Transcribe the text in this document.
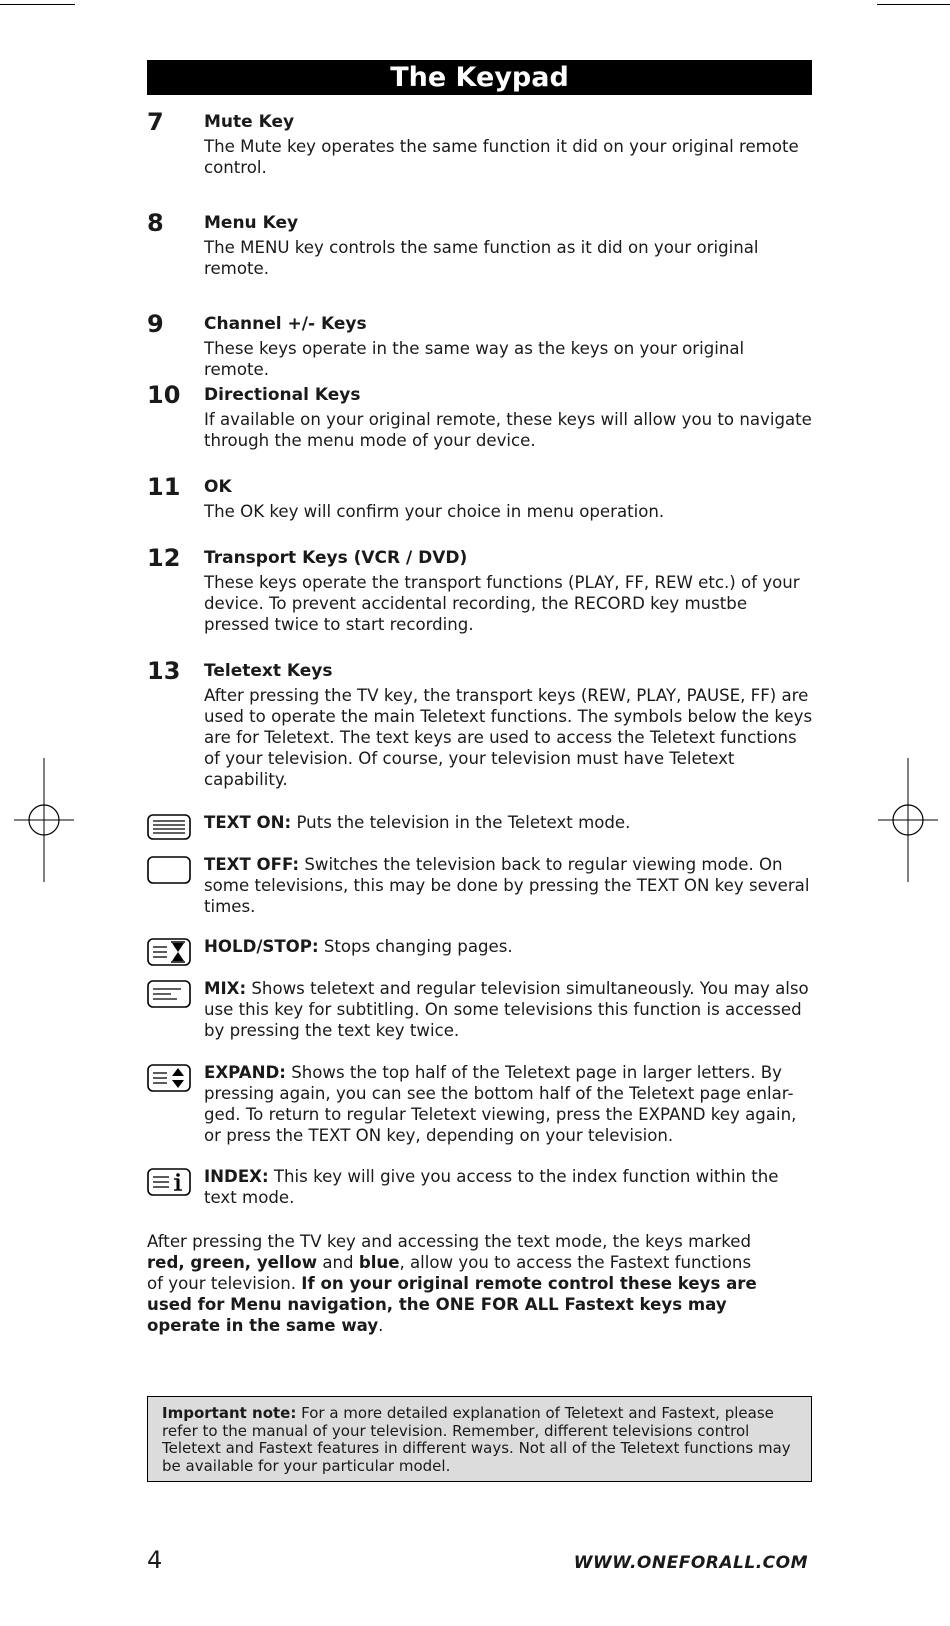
The Keypad
7 Mute Key
The Mute key operates the same function it did on your original remote control.
8 Menu Key
The MENU key controls the same function as it did on your original remote.
9 Channel +/- Keys
These keys operate in the same way as the keys on your original remote.
10 Directional Keys
If available on your original remote, these keys will allow you to navigate through the menu mode of your device.
11 OK
The OK key will confirm your choice in menu operation.
12 Transport Keys (VCR / DVD)
These keys operate the transport functions (PLAY, FF, REW etc.) of your device. To prevent accidental recording, the RECORD key mustbe pressed twice to start recording.
13 Teletext Keys
After pressing the TV key, the transport keys (REW, PLAY, PAUSE, FF) are used to operate the main Teletext functions. The symbols below the keys are for Teletext. The text keys are used to access the Teletext functions of your television. Of course, your television must have Teletext capability.
TEXT ON: Puts the television in the Teletext mode.
TEXT OFF: Switches the television back to regular viewing mode. On some televisions, this may be done by pressing the TEXT ON key several times.
HOLD/STOP: Stops changing pages.
MIX: Shows teletext and regular television simultaneously. You may also use this key for subtitling. On some televisions this function is accessed by pressing the text key twice.
EXPAND: Shows the top half of the Teletext page in larger letters. By pressing again, you can see the bottom half of the Teletext page enlar-ged. To return to regular Teletext viewing, press the EXPAND key again, or press the TEXT ON key, depending on your television.
INDEX: This key will give you access to the index function within the text mode.
After pressing the TV key and accessing the text mode, the keys marked red, green, yellow and blue, allow you to access the Fastext functions of your television. If on your original remote control these keys are used for Menu navigation, the ONE FOR ALL Fastext keys may operate in the same way.
Important note: For a more detailed explanation of Teletext and Fastext, please refer to the manual of your television. Remember, different televisions control Teletext and Fastext features in different ways. Not all of the Teletext functions may be available for your particular model.
4	WWW.ONEFORALL.COM
